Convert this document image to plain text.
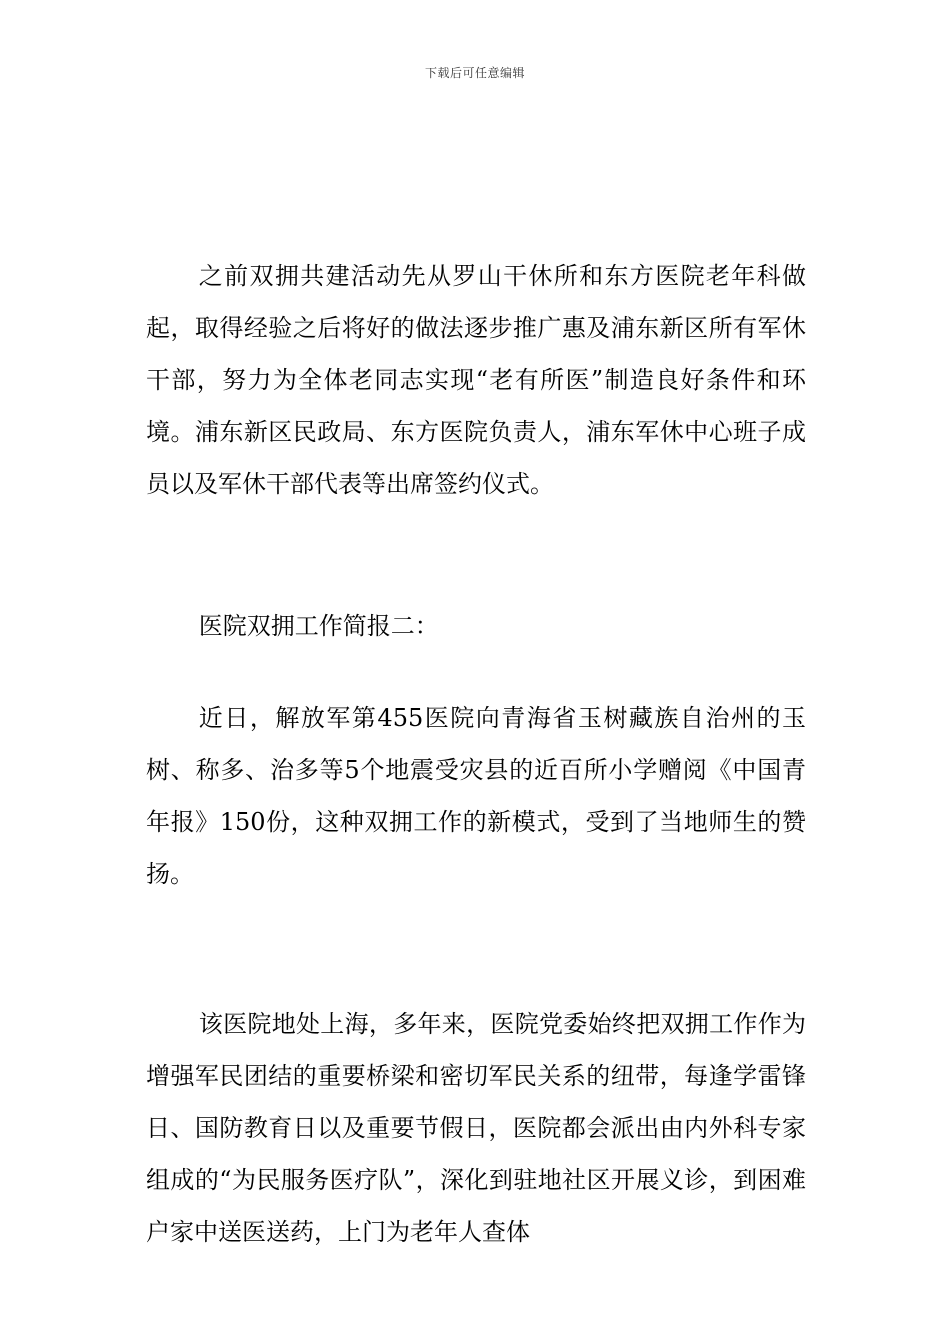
下载后可任意编辑

之前双拥共建活动先从罗山干休所和东方医院老年科做起，取得经验之后将好的做法逐步推广惠及浦东新区所有军休干部，努力为全体老同志实现“老有所医”制造良好条件和环境。浦东新区民政局、东方医院负责人，浦东军休中心班子成员以及军休干部代表等出席签约仪式。

医院双拥工作简报二：

近日，解放军第455医院向青海省玉树藏族自治州的玉树、称多、治多等5个地震受灾县的近百所小学赠阅《中国青年报》150份，这种双拥工作的新模式，受到了当地师生的赞扬。

该医院地处上海，多年来，医院党委始终把双拥工作作为增强军民团结的重要桥梁和密切军民关系的纽带，每逢学雷锋日、国防教育日以及重要节假日，医院都会派出由内外科专家组成的“为民服务医疗队”，深化到驻地社区开展义诊，到困难户家中送医送药，上门为老年人查体
